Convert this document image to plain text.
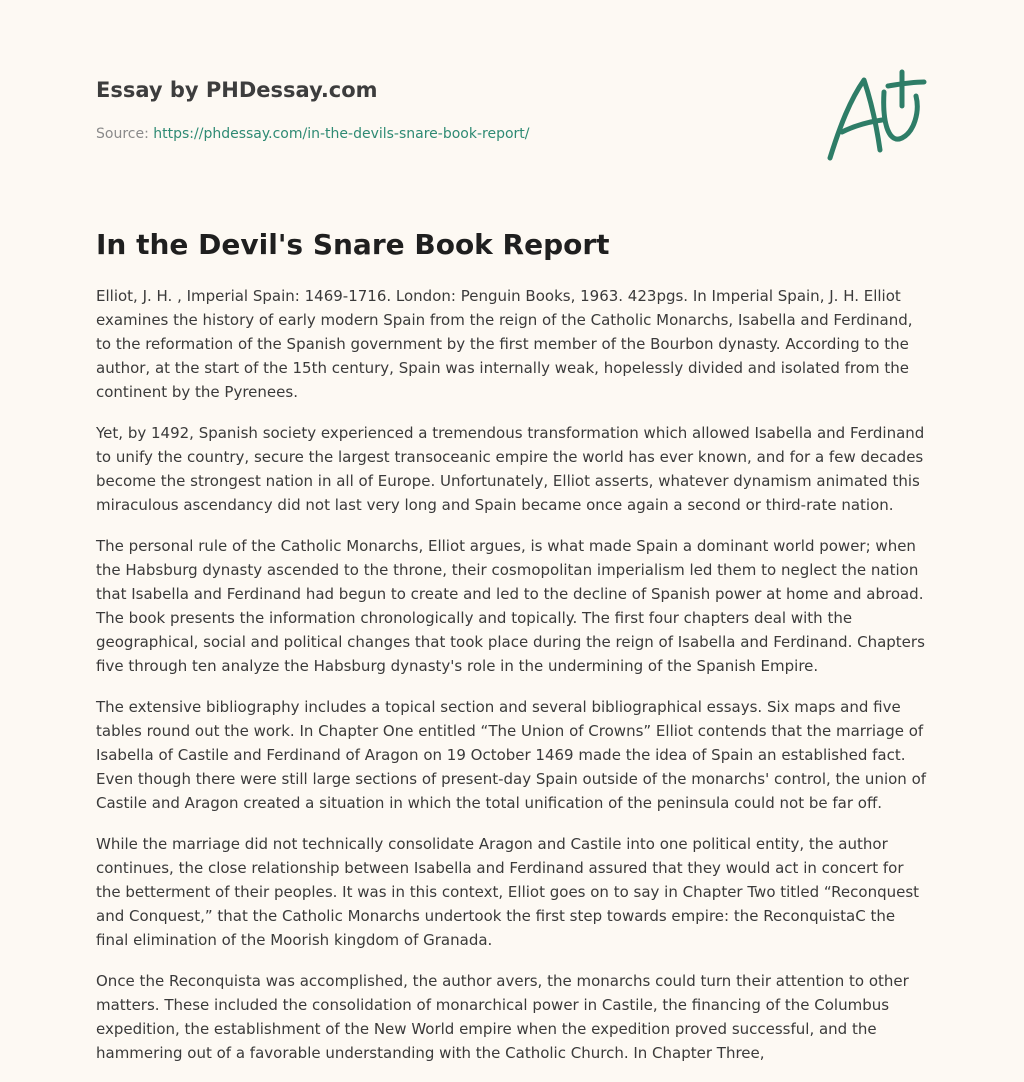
Essay by PHDessay.com
Source: https://phdessay.com/in-the-devils-snare-book-report/
In the Devil's Snare Book Report

Elliot, J. H. , Imperial Spain: 1469-1716. London: Penguin Books, 1963. 423pgs. In Imperial Spain, J. H. Elliot examines the history of early modern Spain from the reign of the Catholic Monarchs, Isabella and Ferdinand, to the reformation of the Spanish government by the first member of the Bourbon dynasty. According to the author, at the start of the 15th century, Spain was internally weak, hopelessly divided and isolated from the continent by the Pyrenees.

Yet, by 1492, Spanish society experienced a tremendous transformation which allowed Isabella and Ferdinand to unify the country, secure the largest transoceanic empire the world has ever known, and for a few decades become the strongest nation in all of Europe. Unfortunately, Elliot asserts, whatever dynamism animated this miraculous ascendancy did not last very long and Spain became once again a second or third-rate nation.

The personal rule of the Catholic Monarchs, Elliot argues, is what made Spain a dominant world power; when the Habsburg dynasty ascended to the throne, their cosmopolitan imperialism led them to neglect the nation that Isabella and Ferdinand had begun to create and led to the decline of Spanish power at home and abroad. The book presents the information chronologically and topically. The first four chapters deal with the geographical, social and political changes that took place during the reign of Isabella and Ferdinand. Chapters five through ten analyze the Habsburg dynasty's role in the undermining of the Spanish Empire.

The extensive bibliography includes a topical section and several bibliographical essays. Six maps and five tables round out the work. In Chapter One entitled “The Union of Crowns” Elliot contends that the marriage of Isabella of Castile and Ferdinand of Aragon on 19 October 1469 made the idea of Spain an established fact. Even though there were still large sections of present-day Spain outside of the monarchs' control, the union of Castile and Aragon created a situation in which the total unification of the peninsula could not be far off.

While the marriage did not technically consolidate Aragon and Castile into one political entity, the author continues, the close relationship between Isabella and Ferdinand assured that they would act in concert for the betterment of their peoples. It was in this context, Elliot goes on to say in Chapter Two titled “Reconquest and Conquest,” that the Catholic Monarchs undertook the first step towards empire: the ReconquistaC the final elimination of the Moorish kingdom of Granada.

Once the Reconquista was accomplished, the author avers, the monarchs could turn their attention to other matters. These included the consolidation of monarchical power in Castile, the financing of the Columbus expedition, the establishment of the New World empire when the expedition proved successful, and the hammering out of a favorable understanding with the Catholic Church. In Chapter Three,
